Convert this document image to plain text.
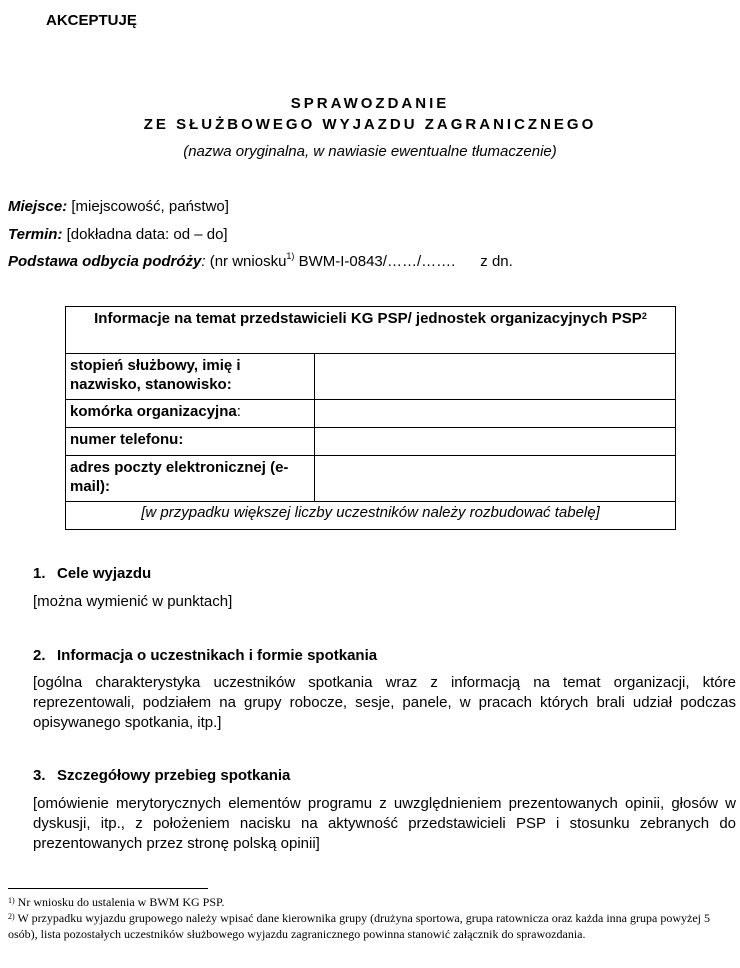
AKCEPTUJĘ
SPRAWOZDANIE
ZE SŁUŻBOWEGO WYJAZDU ZAGRANICZNEGO
(nazwa oryginalna, w nawiasie ewentualne tłumaczenie)
Miejsce: [miejscowość, państwo]
Termin: [dokładna data: od – do]
Podstawa odbycia podróży: (nr wniosku$^{1)}$ BWM-I-0843/……/…….      z dn.
Informacje na temat przedstawicieli KG PSP/ jednostek organizacyjnych PSP$^2$
stopień służbowy, imię i nazwisko, stanowisko:	
komórka organizacyjna:	
numer telefonu:	
adres poczty elektronicznej (e-mail):	
[w przypadku większej liczby uczestników należy rozbudować tabelę]	
1. Cele wyjazdu
[można wymienić w punktach]
2. Informacja o uczestnikach i formie spotkania
[ogólna charakterystyka uczestników spotkania wraz z informacją na temat organizacji, które reprezentowali, podziałem na grupy robocze, sesje, panele, w pracach których brali udział podczas opisywanego spotkania, itp.]
3. Szczegółowy przebieg spotkania
[omówienie merytorycznych elementów programu z uwzględnieniem prezentowanych opinii, głosów w dyskusji, itp., z położeniem nacisku na aktywność przedstawicieli PSP i stosunku zebranych do prezentowanych przez stronę polską opinii]
$^{1)}$ Nr wniosku do ustalenia w BWM KG PSP.
$^{2)}$ W przypadku wyjazdu grupowego należy wpisać dane kierownika grupy (drużyna sportowa, grupa ratownicza oraz każda inna grupa powyżej 5 osób), lista pozostałych uczestników służbowego wyjazdu zagranicznego powinna stanowić załącznik do sprawozdania.
